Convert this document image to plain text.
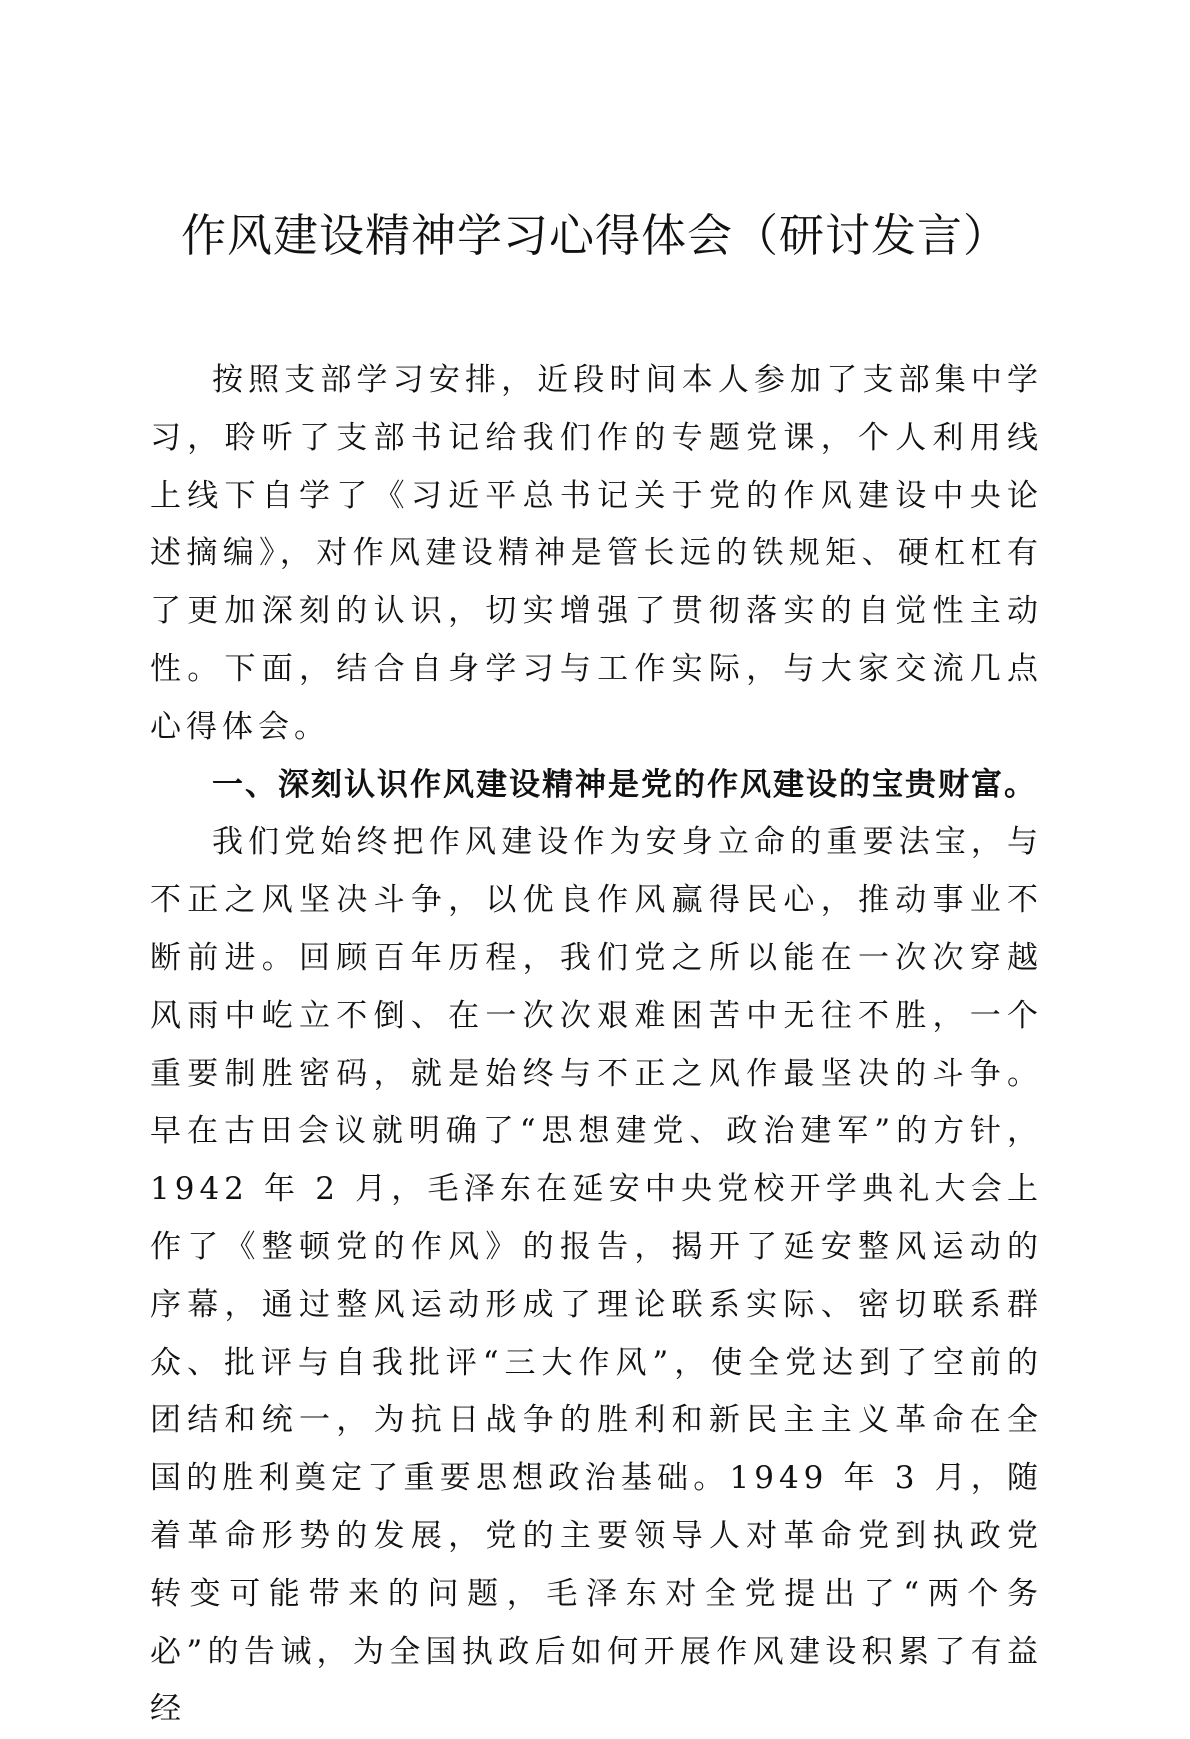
作风建设精神学习心得体会（研讨发言）

按照支部学习安排，近段时间本人参加了支部集中学习，聆听了支部书记给我们作的专题党课，个人利用线上线下自学了《习近平总书记关于党的作风建设中央论述摘编》，对作风建设精神是管长远的铁规矩、硬杠杠有了更加深刻的认识，切实增强了贯彻落实的自觉性主动性。下面，结合自身学习与工作实际，与大家交流几点心得体会。

一、深刻认识作风建设精神是党的作风建设的宝贵财富。

我们党始终把作风建设作为安身立命的重要法宝，与不正之风坚决斗争，以优良作风赢得民心，推动事业不断前进。回顾百年历程，我们党之所以能在一次次穿越风雨中屹立不倒、在一次次艰难困苦中无往不胜，一个重要制胜密码，就是始终与不正之风作最坚决的斗争。早在古田会议就明确了“思想建党、政治建军”的方针，1942 年 2 月，毛泽东在延安中央党校开学典礼大会上作了《整顿党的作风》的报告，揭开了延安整风运动的序幕，通过整风运动形成了理论联系实际、密切联系群众、批评与自我批评“三大作风”，使全党达到了空前的团结和统一，为抗日战争的胜利和新民主主义革命在全国的胜利奠定了重要思想政治基础。1949 年 3 月，随着革命形势的发展，党的主要领导人对革命党到执政党转变可能带来的问题，毛泽东对全党提出了“两个务必”的告诫，为全国执政后如何开展作风建设积累了有益经
